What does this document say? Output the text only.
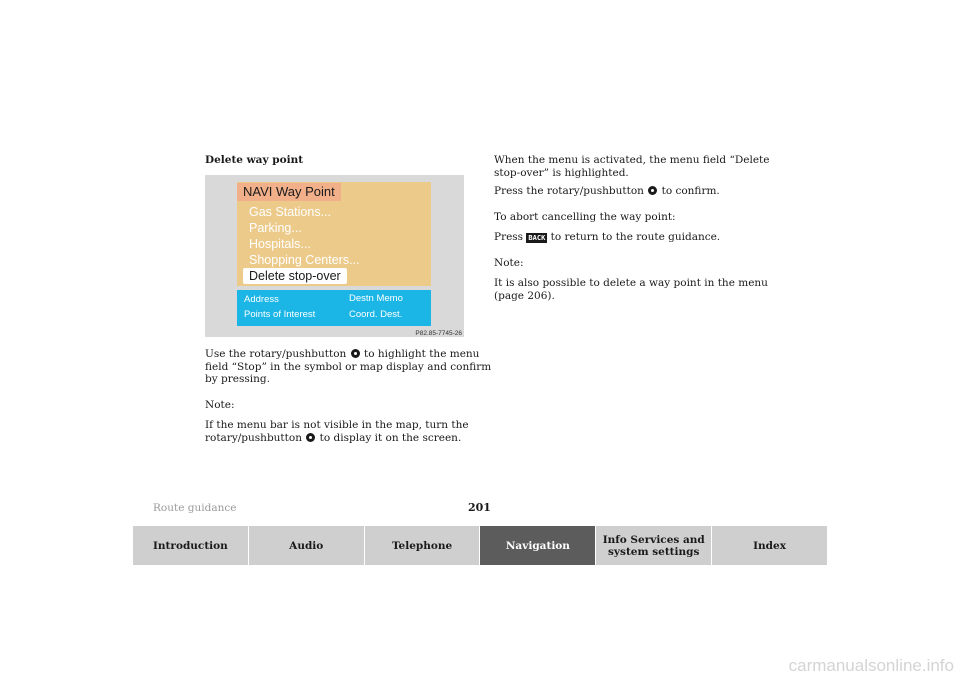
Delete way point
NAVI Way Point
Gas Stations...
Parking...
Hospitals...
Shopping Centers...
Delete stop-over
Address	Destn Memo
Points of Interest	Coord. Dest.
P82.85-7745-26

Use the rotary/pushbutton to highlight the menu
field “Stop” in the symbol or map display and confirm
by pressing.

Note:

If the menu bar is not visible in the map, turn the
rotary/pushbutton to display it on the screen.

When the menu is activated, the menu field “Delete
stop-over” is highlighted.

Press the rotary/pushbutton to confirm.

To abort cancelling the way point:

Press BACK to return to the route guidance.

Note:

It is also possible to delete a way point in the menu
(page 206).

Route guidance	201
Introduction	Audio	Telephone	Navigation	Info Services and
system settings	Index
carmanualsonline.info
